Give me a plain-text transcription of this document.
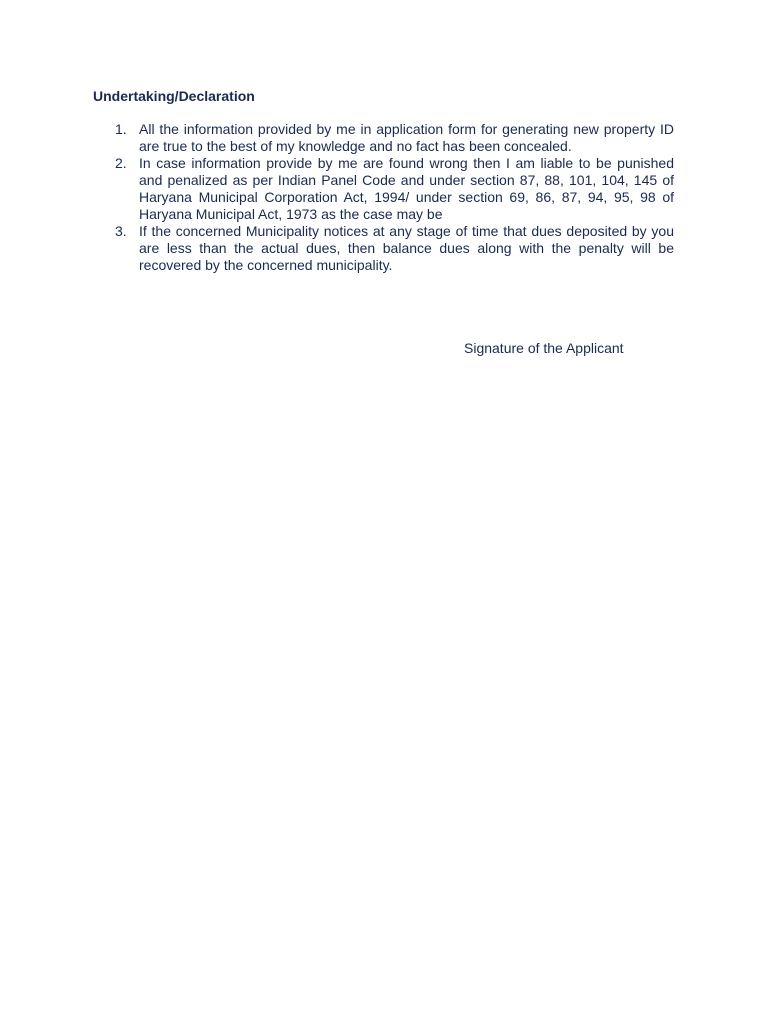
Undertaking/Declaration
1. All the information provided by me in application form for generating new property ID are true to the best of my knowledge and no fact has been concealed.
2. In case information provide by me are found wrong then I am liable to be punished and penalized as per Indian Panel Code and under section 87, 88, 101, 104, 145 of Haryana Municipal Corporation Act, 1994/ under section 69, 86, 87, 94, 95, 98 of Haryana Municipal Act, 1973 as the case may be
3. If the concerned Municipality notices at any stage of time that dues deposited by you are less than the actual dues, then balance dues along with the penalty will be recovered by the concerned municipality.
Signature of the Applicant
